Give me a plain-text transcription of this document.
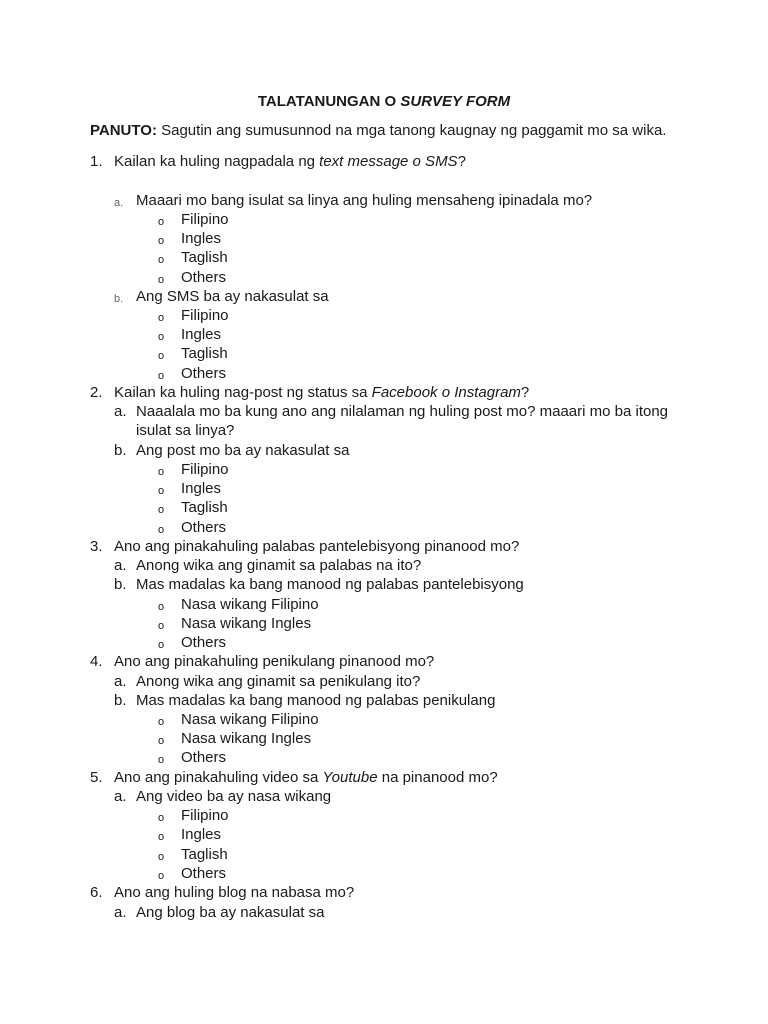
TALATANUNGAN O SURVEY FORM
PANUTO: Sagutin ang sumusunnod na mga tanong kaugnay ng paggamit mo sa wika.
1. Kailan ka huling nagpadala ng text message o SMS?
a. Maaari mo bang isulat sa linya ang huling mensaheng ipinadala mo?
o Filipino
o Ingles
o Taglish
o Others
b. Ang SMS ba ay nakasulat sa
o Filipino
o Ingles
o Taglish
o Others
2. Kailan ka huling nag-post ng status sa Facebook o Instagram?
a. Naaalala mo ba kung ano ang nilalaman ng huling post mo? maaari mo ba itong
isulat sa linya?
b. Ang post mo ba ay nakasulat sa
o Filipino
o Ingles
o Taglish
o Others
3. Ano ang pinakahuling palabas pantelebisyong pinanood mo?
a. Anong wika ang ginamit sa palabas na ito?
b. Mas madalas ka bang manood ng palabas pantelebisyong
o Nasa wikang Filipino
o Nasa wikang Ingles
o Others
4. Ano ang pinakahuling penikulang pinanood mo?
a. Anong wika ang ginamit sa penikulang ito?
b. Mas madalas ka bang manood ng palabas penikulang
o Nasa wikang Filipino
o Nasa wikang Ingles
o Others
5. Ano ang pinakahuling video sa Youtube na pinanood mo?
a. Ang video ba ay nasa wikang
o Filipino
o Ingles
o Taglish
o Others
6. Ano ang huling blog na nabasa mo?
a. Ang blog ba ay nakasulat sa
